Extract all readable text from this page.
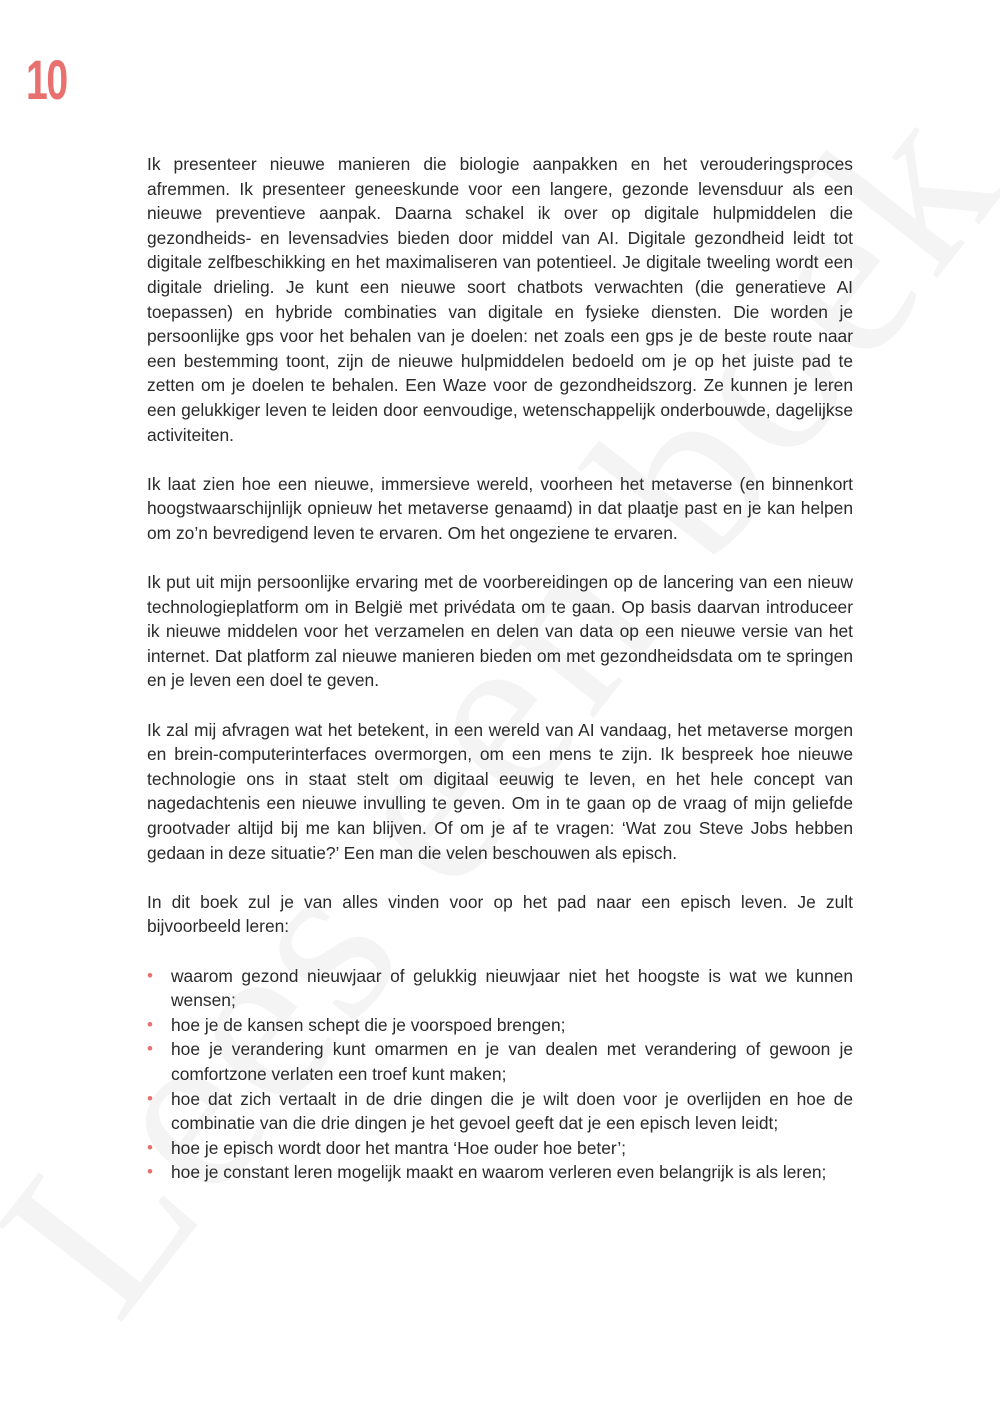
10

Ik presenteer nieuwe manieren die biologie aanpakken en het verouderingsproces afremmen. Ik presenteer geneeskunde voor een langere, gezonde levensduur als een nieuwe preventieve aanpak. Daarna schakel ik over op digitale hulpmiddelen die gezondheids- en levensadvies bieden door middel van AI. Digitale gezondheid leidt tot digitale zelfbeschikking en het maximaliseren van potentieel. Je digitale tweeling wordt een digitale drieling. Je kunt een nieuwe soort chatbots verwachten (die generatieve AI toepassen) en hybride combinaties van digitale en fysieke diensten. Die worden je persoonlijke gps voor het behalen van je doelen: net zoals een gps je de beste route naar een bestemming toont, zijn de nieuwe hulpmiddelen bedoeld om je op het juiste pad te zetten om je doelen te behalen. Een Waze voor de gezondheidszorg. Ze kunnen je leren een gelukkiger leven te leiden door eenvoudige, wetenschappelijk onderbouwde, dagelijkse activiteiten.

Ik laat zien hoe een nieuwe, immersieve wereld, voorheen het metaverse (en binnenkort hoogstwaarschijnlijk opnieuw het metaverse genaamd) in dat plaatje past en je kan helpen om zo’n bevredigend leven te ervaren. Om het ongeziene te ervaren.

Ik put uit mijn persoonlijke ervaring met de voorbereidingen op de lancering van een nieuw technologieplatform om in België met privédata om te gaan. Op basis daarvan introduceer ik nieuwe middelen voor het verzamelen en delen van data op een nieuwe versie van het internet. Dat platform zal nieuwe manieren bieden om met gezondheidsdata om te springen en je leven een doel te geven.

Ik zal mij afvragen wat het betekent, in een wereld van AI vandaag, het metaverse morgen en brein-computerinterfaces overmorgen, om een mens te zijn. Ik bespreek hoe nieuwe technologie ons in staat stelt om digitaal eeuwig te leven, en het hele concept van nagedachtenis een nieuwe invulling te geven. Om in te gaan op de vraag of mijn geliefde grootvader altijd bij me kan blijven. Of om je af te vragen: ‘Wat zou Steve Jobs hebben gedaan in deze situatie?’ Een man die velen beschouwen als episch.

In dit boek zul je van alles vinden voor op het pad naar een episch leven. Je zult bijvoorbeeld leren:

• waarom gezond nieuwjaar of gelukkig nieuwjaar niet het hoogste is wat we kunnen wensen;
• hoe je de kansen schept die je voorspoed brengen;
• hoe je verandering kunt omarmen en je van dealen met verandering of gewoon je comfortzone verlaten een troef kunt maken;
• hoe dat zich vertaalt in de drie dingen die je wilt doen voor je overlijden en hoe de combinatie van die drie dingen je het gevoel geeft dat je een episch leven leidt;
• hoe je episch wordt door het mantra ‘Hoe ouder hoe beter’;
• hoe je constant leren mogelijk maakt en waarom verleren even belangrijk is als leren;
